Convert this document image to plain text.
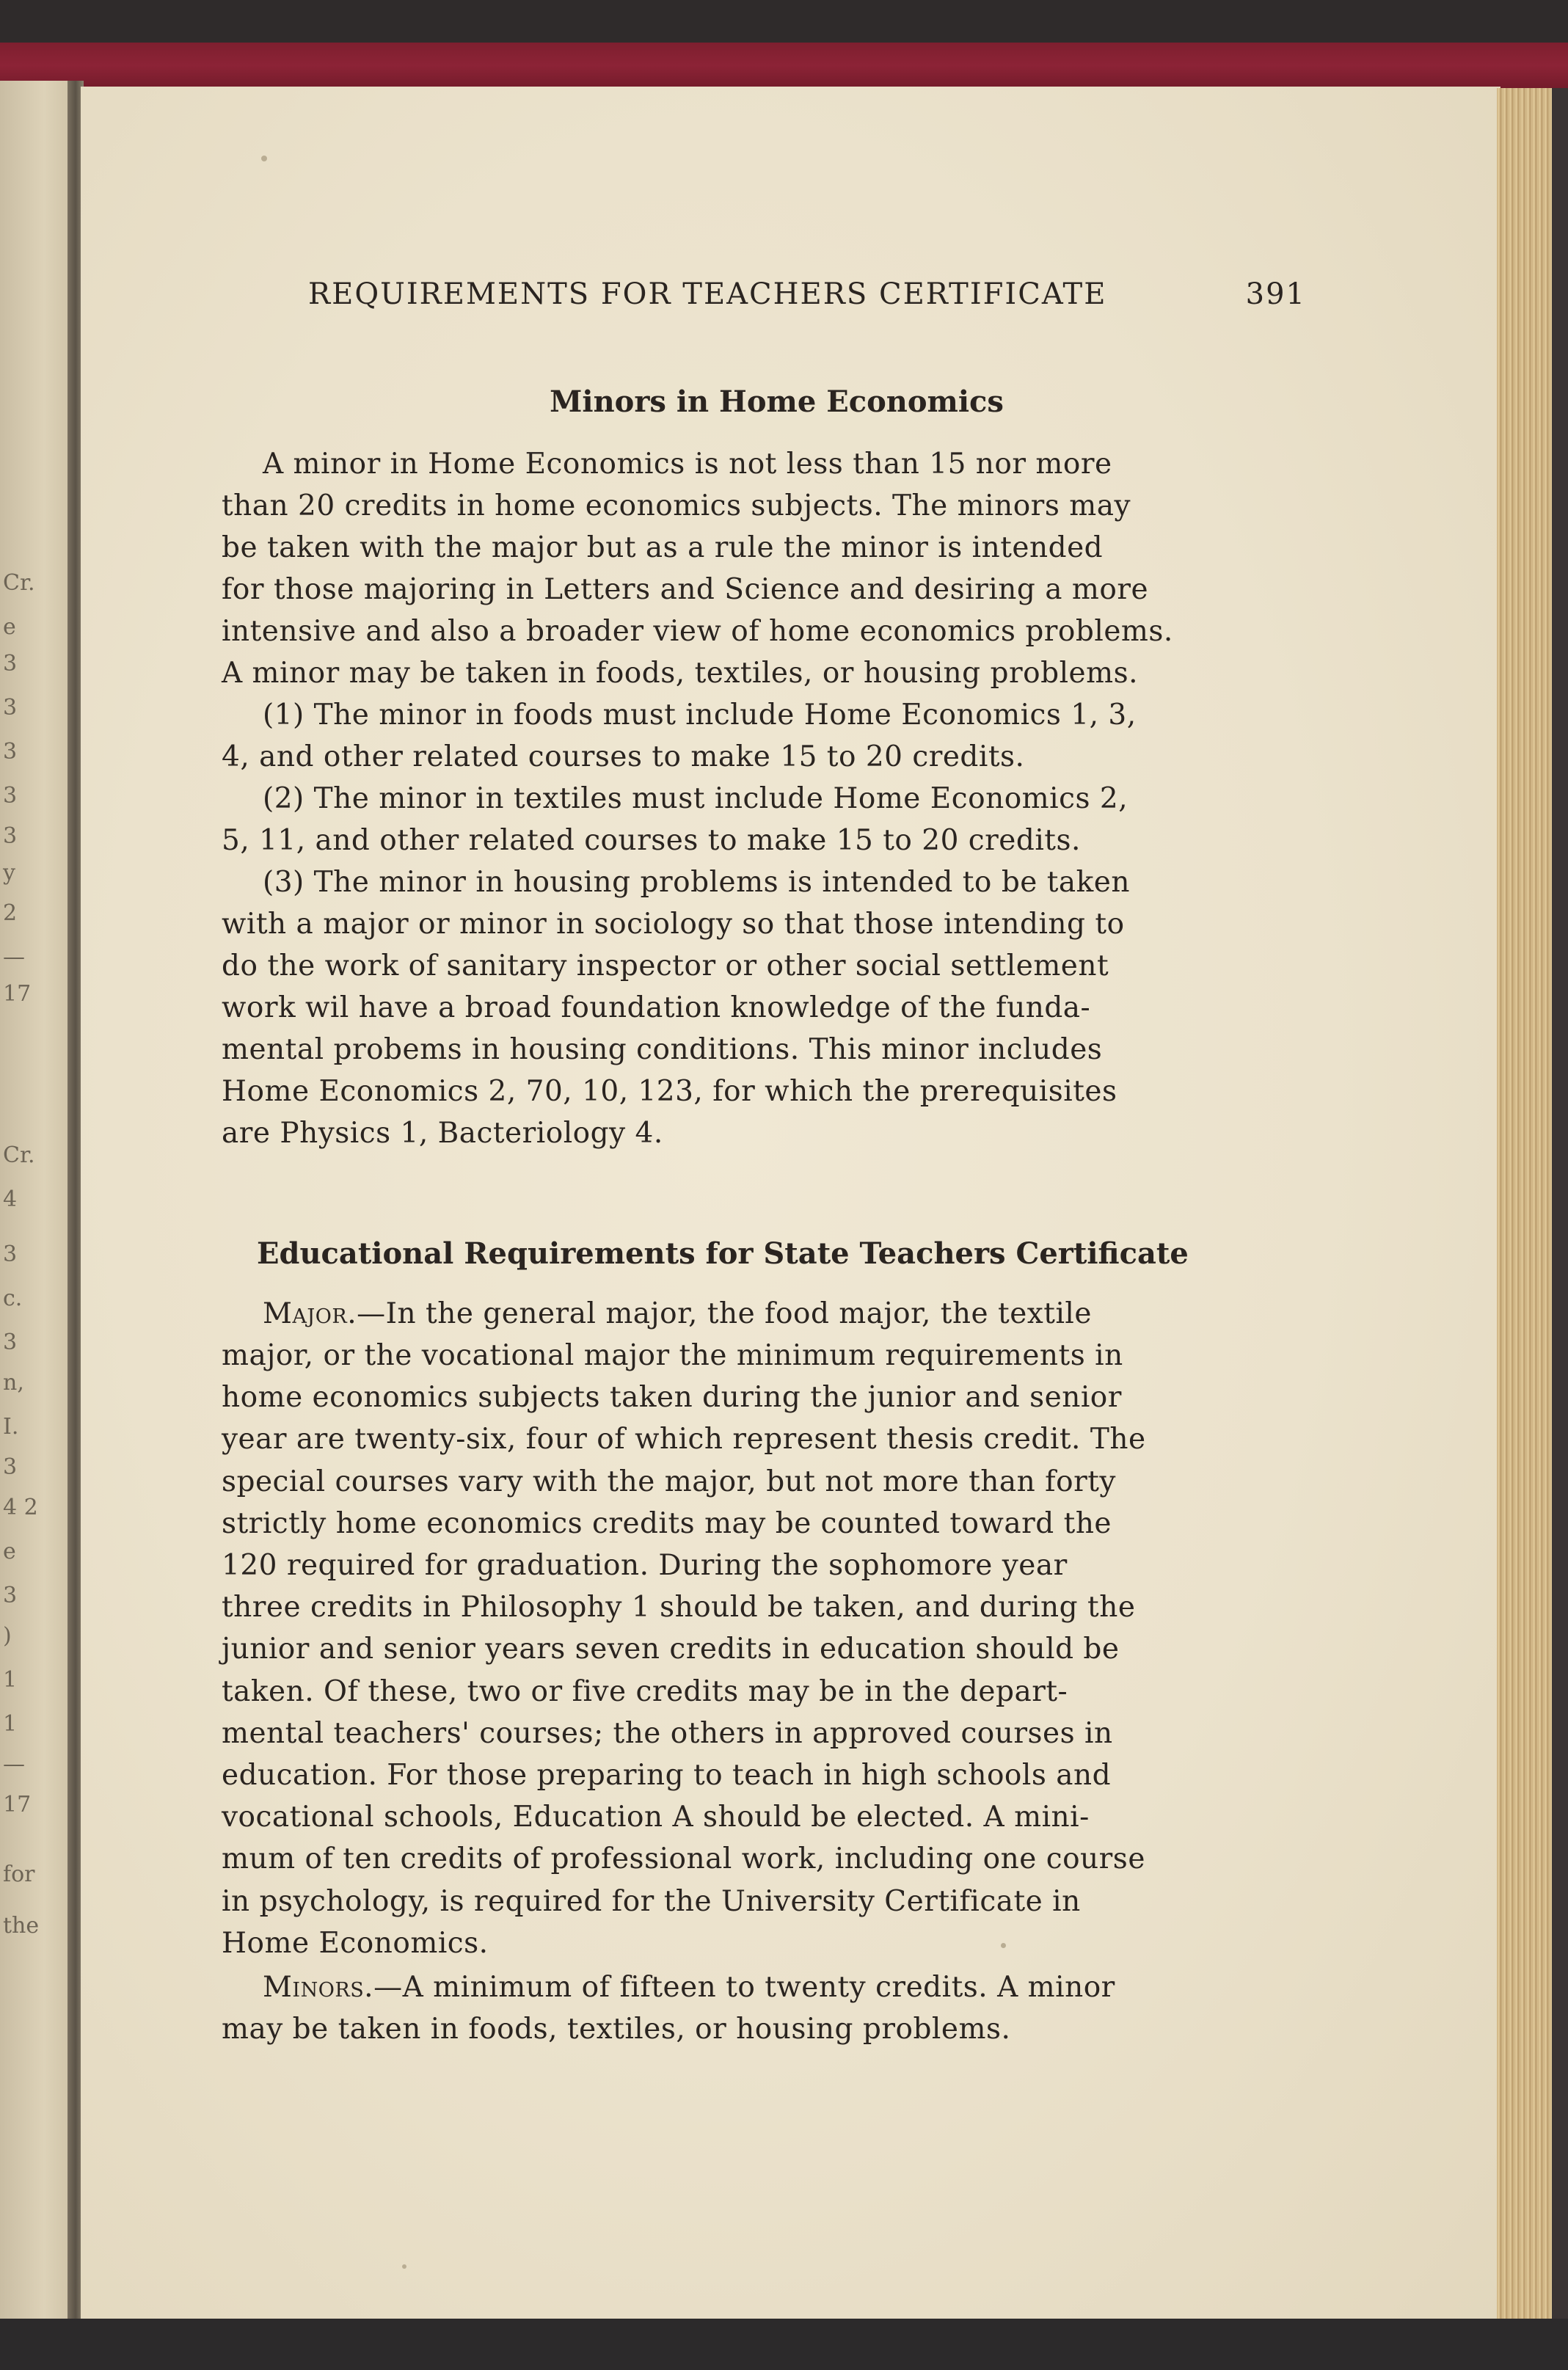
Cr.
e
3
3
3
3
3
y
2
—
17
Cr.
4
3
c.
3
n,
I.
3
4 2
e
3
)
1
1
—
17
for
the
REQUIREMENTS FOR TEACHERS CERTIFICATE	391
Minors in Home Economics
A minor in Home Economics is not less than 15 nor more
than 20 credits in home economics subjects. The minors may
be taken with the major but as a rule the minor is intended
for those majoring in Letters and Science and desiring a more
intensive and also a broader view of home economics problems.
A minor may be taken in foods, textiles, or housing problems.
(1) The minor in foods must include Home Economics 1, 3,
4, and other related courses to make 15 to 20 credits.
(2) The minor in textiles must include Home Economics 2,
5, 11, and other related courses to make 15 to 20 credits.
(3) The minor in housing problems is intended to be taken
with a major or minor in sociology so that those intending to
do the work of sanitary inspector or other social settlement
work wil have a broad foundation knowledge of the funda-
mental probems in housing conditions. This minor includes
Home Economics 2, 70, 10, 123, for which the prerequisites
are Physics 1, Bacteriology 4.
Educational Requirements for State Teachers Certificate
Major.—In the general major, the food major, the textile
major, or the vocational major the minimum requirements in
home economics subjects taken during the junior and senior
year are twenty-six, four of which represent thesis credit. The
special courses vary with the major, but not more than forty
strictly home economics credits may be counted toward the
120 required for graduation. During the sophomore year
three credits in Philosophy 1 should be taken, and during the
junior and senior years seven credits in education should be
taken. Of these, two or five credits may be in the depart-
mental teachers' courses; the others in approved courses in
education. For those preparing to teach in high schools and
vocational schools, Education A should be elected. A mini-
mum of ten credits of professional work, including one course
in psychology, is required for the University Certificate in
Home Economics.
Minors.—A minimum of fifteen to twenty credits. A minor
may be taken in foods, textiles, or housing problems.
